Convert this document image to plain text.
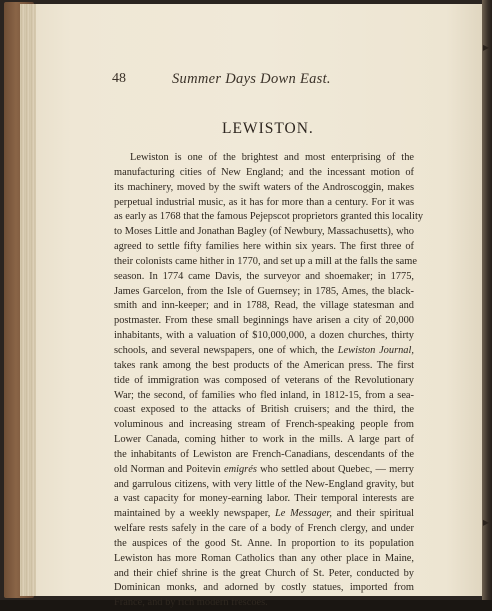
▸
▸
48	Summer Days Down East.
LEWISTON.
Lewiston is one of the brightest and most enterprising of the
manufacturing cities of New England; and the incessant motion of
its machinery, moved by the swift waters of the Androscoggin, makes
perpetual industrial music, as it has for more than a century. For it was
as early as 1768 that the famous Pejepscot proprietors granted this locality
to Moses Little and Jonathan Bagley (of Newbury, Massachusetts), who
agreed to settle fifty families here within six years. The first three of
their colonists came hither in 1770, and set up a mill at the falls the same
season. In 1774 came Davis, the surveyor and shoemaker; in 1775,
James Garcelon, from the Isle of Guernsey; in 1785, Ames, the black-
smith and inn-keeper; and in 1788, Read, the village statesman and
postmaster. From these small beginnings have arisen a city of 20,000
inhabitants, with a valuation of $10,000,000, a dozen churches, thirty
schools, and several newspapers, one of which, the Lewiston Journal,
takes rank among the best products of the American press. The first
tide of immigration was composed of veterans of the Revolutionary
War; the second, of families who fled inland, in 1812-15, from a sea-
coast exposed to the attacks of British cruisers; and the third, the
voluminous and increasing stream of French-speaking people from
Lower Canada, coming hither to work in the mills. A large part of
the inhabitants of Lewiston are French-Canadians, descendants of the
old Norman and Poitevin emigrés who settled about Quebec, — merry
and garrulous citizens, with very little of the New-England gravity, but
a vast capacity for money-earning labor. Their temporal interests are
maintained by a weekly newspaper, Le Messager, and their spiritual
welfare rests safely in the care of a body of French clergy, and under
the auspices of the good St. Anne. In proportion to its population
Lewiston has more Roman Catholics than any other place in Maine,
and their chief shrine is the great Church of St. Peter, conducted by
Dominican monks, and adorned by costly statues, imported from
France, and by rich modern frescoes.
